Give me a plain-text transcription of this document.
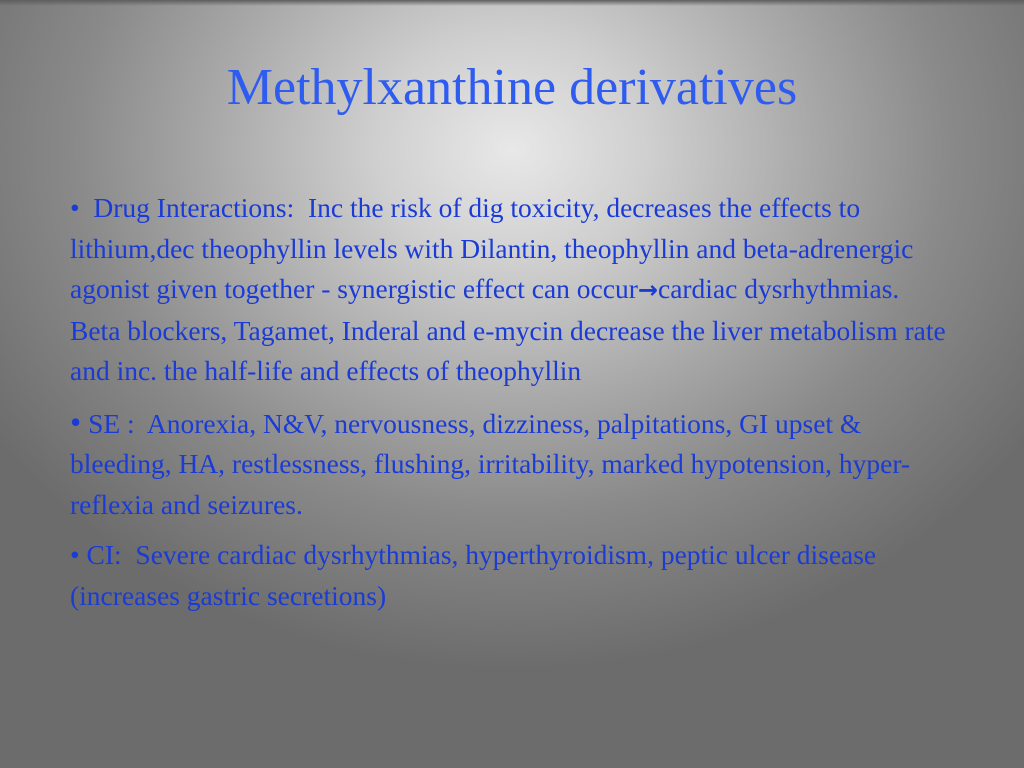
Methylxanthine derivatives

•  Drug Interactions:  Inc the risk of dig toxicity, decreases the effects to lithium,dec theophyllin levels with Dilantin, theophyllin and beta-adrenergic agonist given together - synergistic effect can occur→cardiac dysrhythmias.  Beta blockers, Tagamet, Inderal and e-mycin decrease the liver metabolism rate and inc. the half-life and effects of theophyllin

• SE :  Anorexia, N&V, nervousness, dizziness, palpitations, GI upset & bleeding, HA, restlessness, flushing, irritability, marked hypotension, hyper-reflexia and seizures.

• CI:  Severe cardiac dysrhythmias, hyperthyroidism, peptic ulcer disease (increases gastric secretions)
